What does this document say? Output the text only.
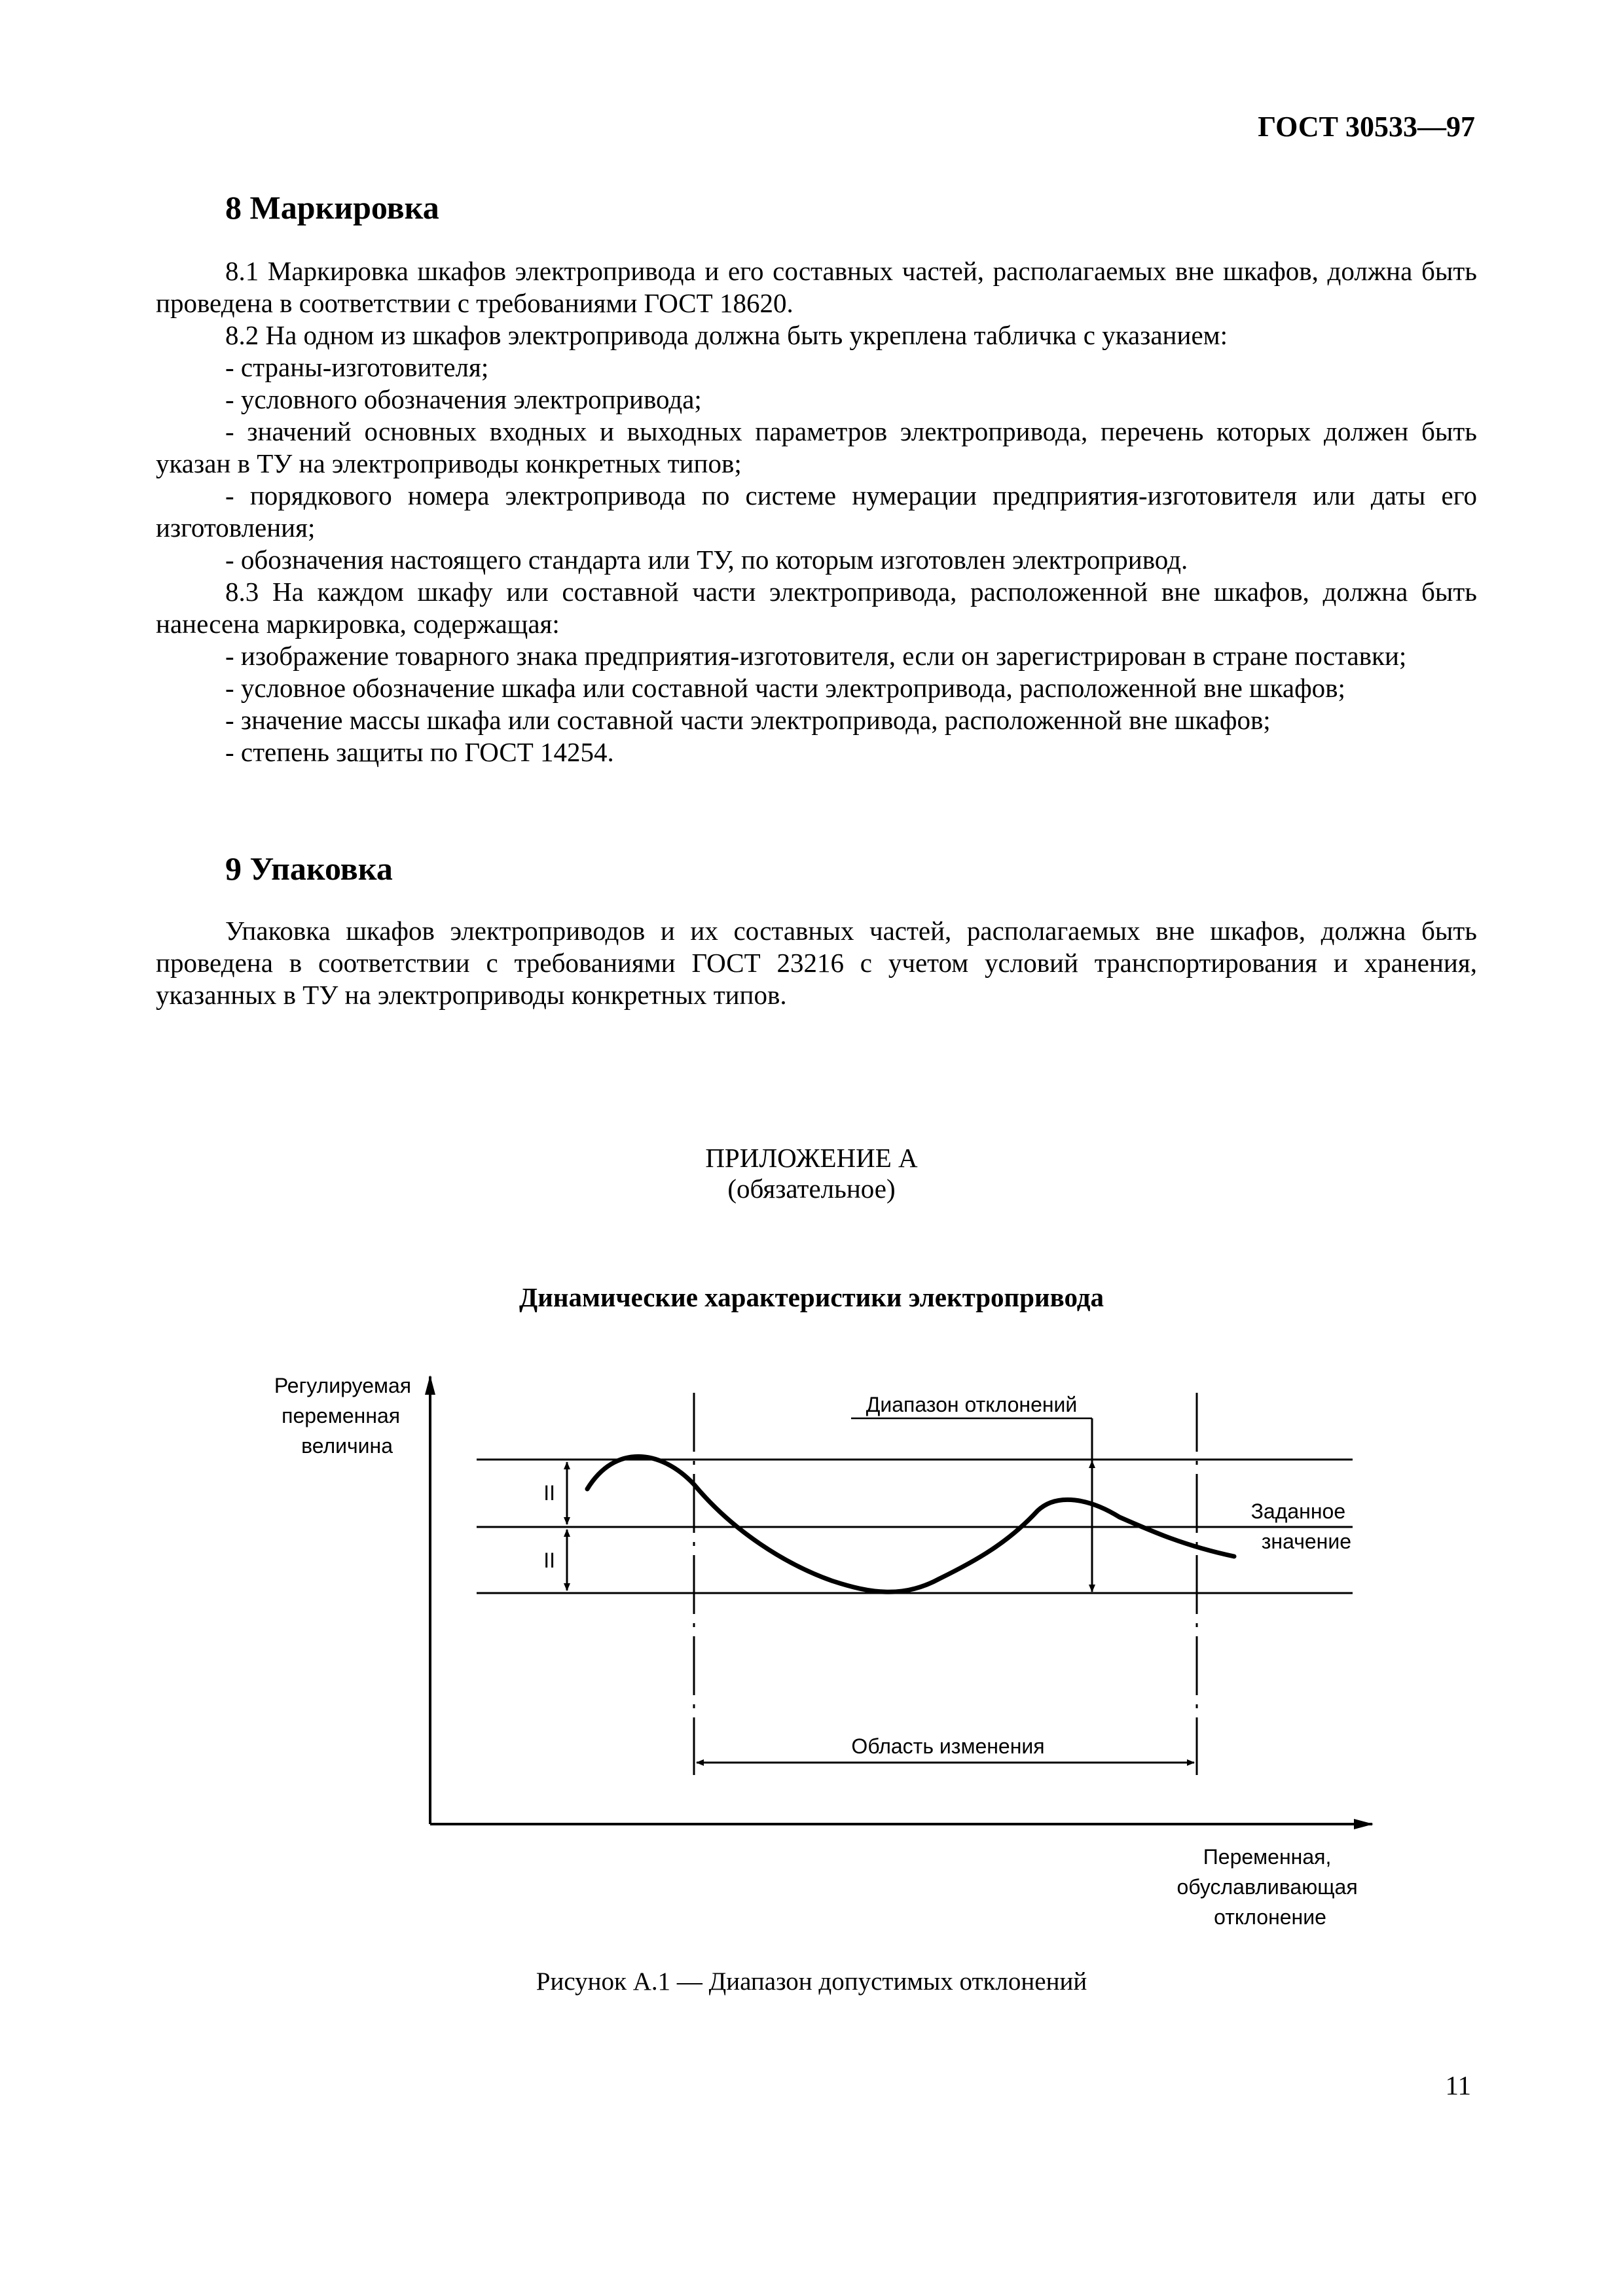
ГОСТ 30533—97
8 Маркировка

8.1 Маркировка шкафов электропривода и его составных частей, располагаемых вне шкафов, должна быть проведена в соответствии с требованиями ГОСТ 18620.

8.2 На одном из шкафов электропривода должна быть укреплена табличка с указанием:

- страны-изготовителя;

- условного обозначения электропривода;

- значений основных входных и выходных параметров электропривода, перечень которых должен быть указан в ТУ на электроприводы конкретных типов;

- порядкового номера электропривода по системе нумерации предприятия-изготовителя или даты его изготовления;

- обозначения настоящего стандарта или ТУ, по которым изготовлен электропривод.

8.3 На каждом шкафу или составной части электропривода, расположенной вне шкафов, должна быть нанесена маркировка, содержащая:

- изображение товарного знака предприятия-изготовителя, если он зарегистрирован в стране поставки;

- условное обозначение шкафа или составной части электропривода, расположенной вне шкафов;

- значение массы шкафа или составной части электропривода, расположенной вне шкафов;

- степень защиты по ГОСТ 14254.

9 Упаковка

Упаковка шкафов электроприводов и их составных частей, располагаемых вне шкафов, должна быть проведена в соответствии с требованиями ГОСТ 23216 с учетом условий транспортирования и хранения, указанных в ТУ на электроприводы конкретных типов.

ПРИЛОЖЕНИЕ А
(обязательное)
Динамические характеристики электропривода
II
II
Диапазон отклонений
Область изменения
Регулируемая переменная величина
Заданное значение
Переменная, обуславливающая отклонение
Рисунок А.1 — Диапазон допустимых отклонений
11
